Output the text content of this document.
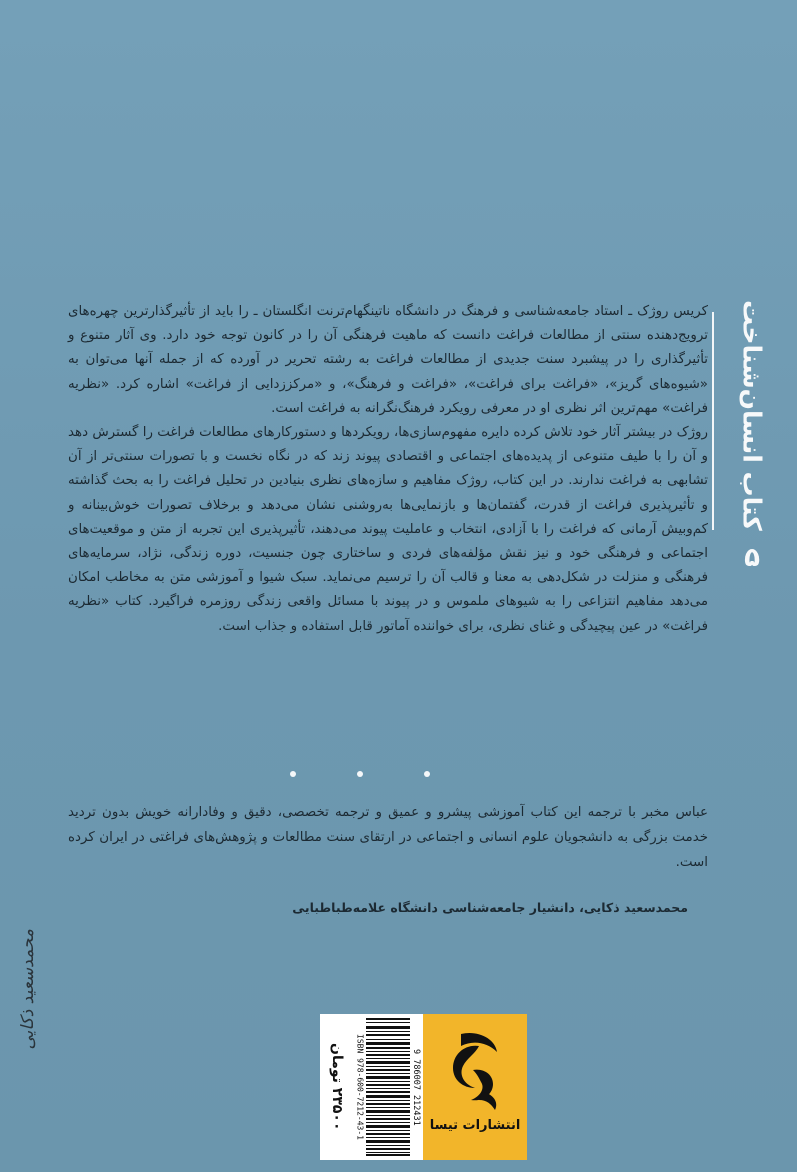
کتاب انسان‌شناخت
۵

کریس روژک ـ استاد جامعه‌شناسی و فرهنگ در دانشگاه ناتینگهام‌ترنت انگلستان ـ را باید از تأثیرگذارترین چهره‌های ترویج‌دهنده سنتی از مطالعات فراغت دانست که ماهیت فرهنگی آن را در کانون توجه خود دارد. وی آثار متنوع و تأثیرگذاری را در پیشبرد سنت جدیدی از مطالعات فراغت به رشته تحریر در آورده که از جمله آنها می‌توان به «شیوه‌های گریز»، «فراغت برای فراغت»، «فراغت و فرهنگ»، و «مرکززدایی از فراغت» اشاره کرد. «نظریه فراغت» مهم‌ترین اثر نظری او در معرفی رویکرد فرهنگ‌نگرانه به فراغت است.

روژک در بیشتر آثار خود تلاش کرده دایره مفهوم‌سازی‌ها، رویکردها و دستورکارهای مطالعات فراغت را گسترش دهد و آن را با طیف متنوعی از پدیده‌های اجتماعی و اقتصادی پیوند زند که در نگاه نخست و با تصورات سنتی‌تر از آن تشابهی به فراغت ندارند. در این کتاب، روژک مفاهیم و سازه‌های نظری بنیادین در تحلیل فراغت را به بحث گذاشته و تأثیرپذیری فراغت از قدرت، گفتمان‌ها و بازنمایی‌ها به‌روشنی نشان می‌دهد و برخلاف تصورات خوش‌بینانه و کم‌وبیش آرمانی که فراغت را با آزادی، انتخاب و عاملیت پیوند می‌دهند، تأثیرپذیری این تجربه از متن و موقعیت‌های اجتماعی و فرهنگی خود و نیز نقش مؤلفه‌های فردی و ساختاری چون جنسیت، دوره زندگی، نژاد، سرمایه‌های فرهنگی و منزلت در شکل‌دهی به معنا و قالب آن را ترسیم می‌نماید. سبک شیوا و آموزشی متن به مخاطب امکان می‌دهد مفاهیم انتزاعی را به شیوهای ملموس و در پیوند با مسائل واقعی زندگی روزمره فراگیرد. کتاب «نظریه فراغت» در عین پیچیدگی و غنای نظری، برای خواننده آماتور قابل استفاده و جذاب است.

عباس مخبر با ترجمه این کتاب آموزشی پیشرو و عمیق و ترجمه تخصصی، دقیق و وفادارانه خویش بدون تردید خدمت بزرگی به دانشجویان علوم انسانی و اجتماعی در ارتقای سنت مطالعات و پژوهش‌های فراغتی در ایران کرده است.

محمدسعید ذکایی، دانشیار جامعه‌شناسی دانشگاه علامه‌طباطبایی
محمدسعید ذکایی
۲۳۵۰۰ تومان ISBN 978-600-7212-43-1	9 786007 212431
انتشارات تیسا
